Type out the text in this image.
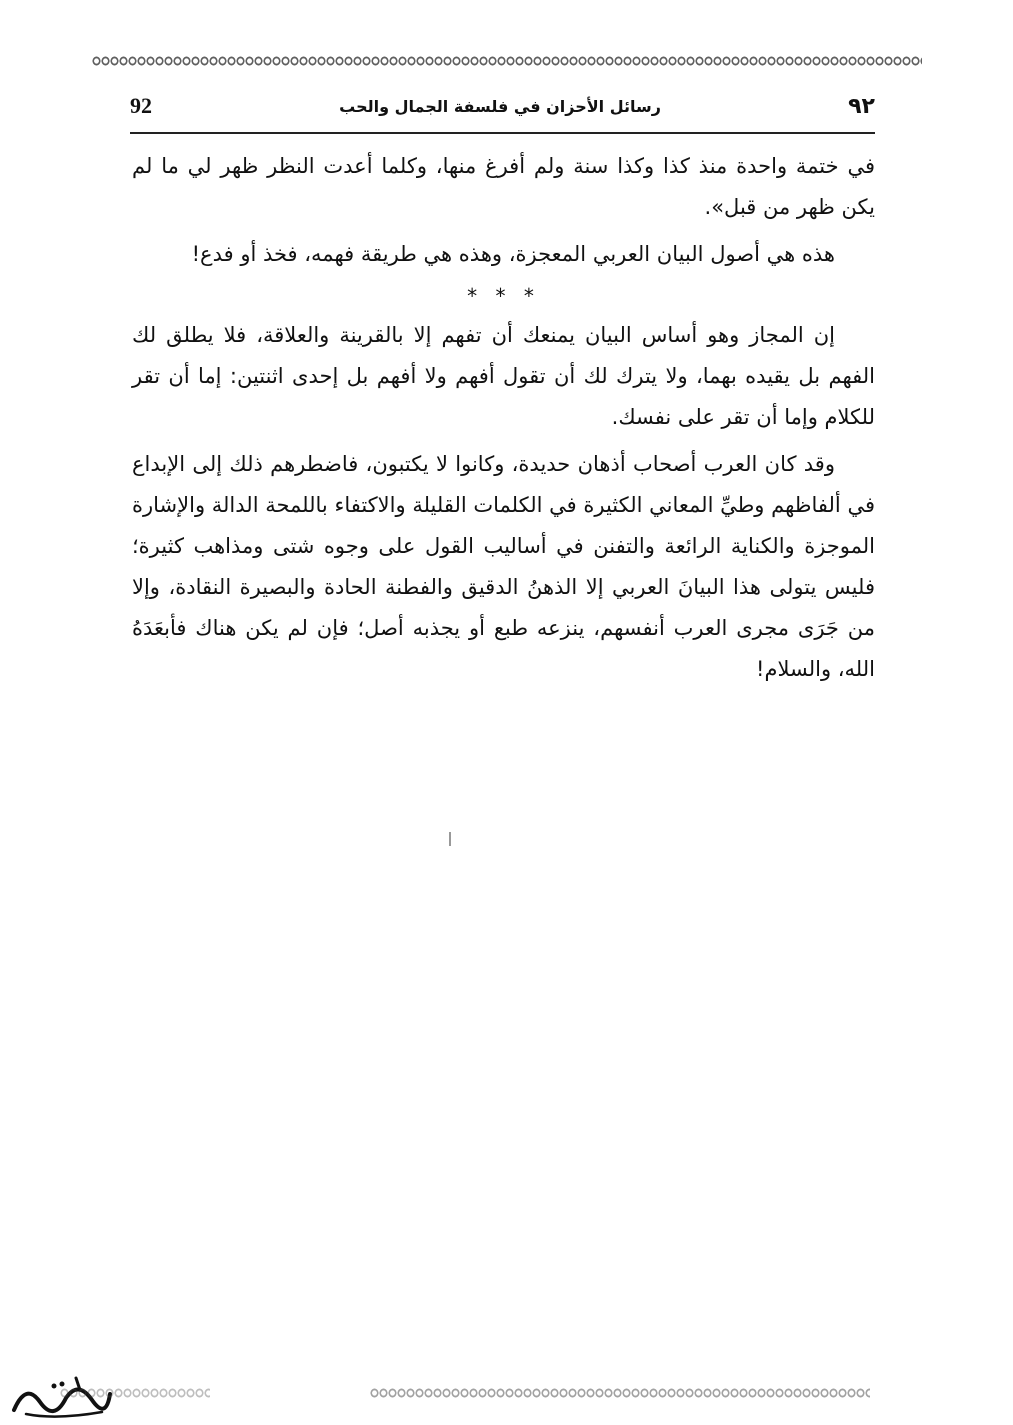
92	رسائل الأحزان في فلسفة الجمال والحب	٩٢

في ختمة واحدة منذ كذا وكذا سنة ولم أفرغ منها، وكلما أعدت النظر ظهر لي ما لم يكن ظهر من قبل».

هذه هي أصول البيان العربي المعجزة، وهذه هي طريقة فهمه، فخذ أو فدع!

* * *

إن المجاز وهو أساس البيان يمنعك أن تفهم إلا بالقرينة والعلاقة، فلا يطلق لك الفهم بل يقيده بهما، ولا يترك لك أن تقول أفهم ولا أفهم بل إحدى اثنتين: إما أن تقر للكلام وإما أن تقر على نفسك.

وقد كان العرب أصحاب أذهان حديدة، وكانوا لا يكتبون، فاضطرهم ذلك إلى الإبداع في ألفاظهم وطيِّ المعاني الكثيرة في الكلمات القليلة والاكتفاء باللمحة الدالة والإشارة الموجزة والكناية الرائعة والتفنن في أساليب القول على وجوه شتى ومذاهب كثيرة؛ فليس يتولى هذا البيانَ العربي إلا الذهنُ الدقيق والفطنة الحادة والبصيرة النقادة، وإلا من جَرَى مجرى العرب أنفسهم، ينزعه طبع أو يجذبه أصل؛ فإن لم يكن هناك فأبعَدَهُ الله، والسلام!
